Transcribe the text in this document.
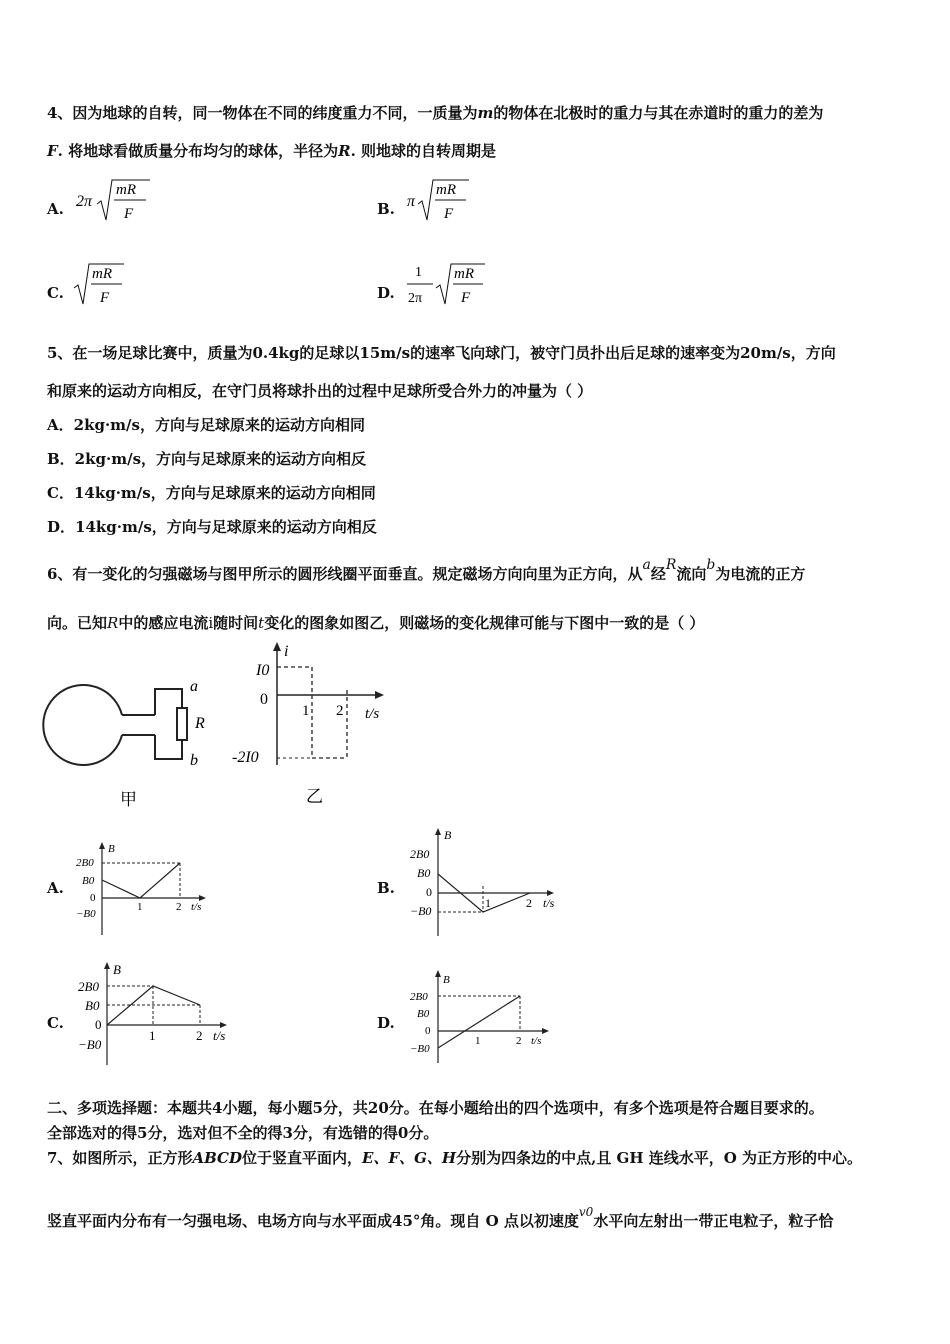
4、因为地球的自转，同一物体在不同的纬度重力不同，一质量为m的物体在北极时的重力与其在赤道时的重力的差为
F. 将地球看做质量分布均匀的球体，半径为R. 则地球的自转周期是
A. 2π
mR
F	B. π
mR
F
C.
mR
F	D.
1
2π
mR
F
5、在一场足球比赛中，质量为0.4kg的足球以15m/s的速率飞向球门，被守门员扑出后足球的速率变为20m/s，方向
和原来的运动方向相反，在守门员将球扑出的过程中足球所受合外力的冲量为（ ）
A．2kg·m/s，方向与足球原来的运动方向相同
B．2kg·m/s，方向与足球原来的运动方向相反
C．14kg·m/s，方向与足球原来的运动方向相同
D．14kg·m/s，方向与足球原来的运动方向相反
6、有一变化的匀强磁场与图甲所示的圆形线圈平面垂直。规定磁场方向向里为正方向，从a经R流向b为电流的正方
向。已知R中的感应电流i随时间t变化的图象如图乙，则磁场的变化规律可能与下图中一致的是（ ）
a
R
b
甲
i
I0
0
-2I0
1 2 t/s
乙
A.
B
2B0
B0
0
−B0
1	2 t/s
B.
B
2B0
B0
0
−B0
1	2 t/s
C.
B
2B0
B0
0
−B0
1	2 t/s
D.
B
2B0
B0
0
−B0
1	2 t/s
二、多项选择题：本题共4小题，每小题5分，共20分。在每小题给出的四个选项中，有多个选项是符合题目要求的。
全部选对的得5分，选对但不全的得3分，有选错的得0分。
7、如图所示，正方形ABCD位于竖直平面内，E、F、G、H分别为四条边的中点,且 GH 连线水平，O 为正方形的中心。
竖直平面内分布有一匀强电场、电场方向与水平面成45°角。现自 O 点以初速度$^{v0}$水平向左射出一带正电粒子，粒子恰
